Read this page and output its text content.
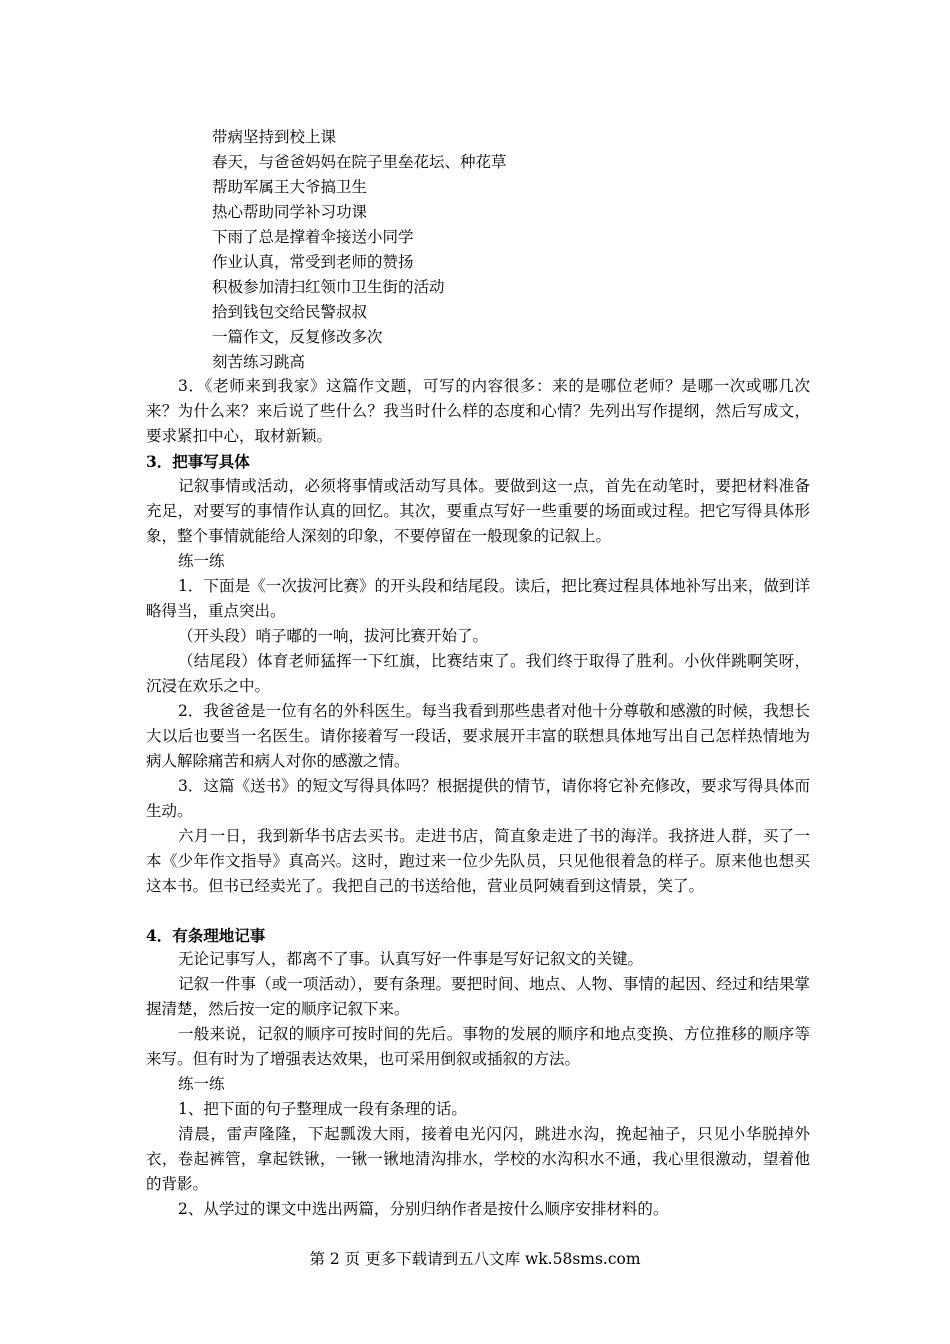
带病坚持到校上课
春天，与爸爸妈妈在院子里垒花坛、种花草
帮助军属王大爷搞卫生
热心帮助同学补习功课
下雨了总是撑着伞接送小同学
作业认真，常受到老师的赞扬
积极参加清扫红领巾卫生街的活动
拾到钱包交给民警叔叔
一篇作文，反复修改多次
刻苦练习跳高
3．《老师来到我家》这篇作文题，可写的内容很多：来的是哪位老师？是哪一次或哪几次来？为什么来？来后说了些什么？我当时什么样的态度和心情？先列出写作提纲，然后写成文，要求紧扣中心，取材新颖。
3．把事写具体
记叙事情或活动，必须将事情或活动写具体。要做到这一点，首先在动笔时，要把材料准备充足，对要写的事情作认真的回忆。其次，要重点写好一些重要的场面或过程。把它写得具体形象，整个事情就能给人深刻的印象，不要停留在一般现象的记叙上。
练一练
1．下面是《一次拔河比赛》的开头段和结尾段。读后，把比赛过程具体地补写出来，做到详略得当，重点突出。
（开头段）哨子嘟的一响，拔河比赛开始了。
（结尾段）体育老师猛挥一下红旗，比赛结束了。我们终于取得了胜利。小伙伴跳啊笑呀，沉浸在欢乐之中。
2．我爸爸是一位有名的外科医生。每当我看到那些患者对他十分尊敬和感激的时候，我想长大以后也要当一名医生。请你接着写一段话，要求展开丰富的联想具体地写出自己怎样热情地为病人解除痛苦和病人对你的感激之情。
3．这篇《送书》的短文写得具体吗？根据提供的情节，请你将它补充修改，要求写得具体而生动。
六月一日，我到新华书店去买书。走进书店，简直象走进了书的海洋。我挤进人群，买了一本《少年作文指导》真高兴。这时，跑过来一位少先队员，只见他很着急的样子。原来他也想买这本书。但书已经卖光了。我把自己的书送给他，营业员阿姨看到这情景，笑了。
4．有条理地记事
无论记事写人，都离不了事。认真写好一件事是写好记叙文的关键。
记叙一件事（或一项活动），要有条理。要把时间、地点、人物、事情的起因、经过和结果掌握清楚，然后按一定的顺序记叙下来。
一般来说，记叙的顺序可按时间的先后。事物的发展的顺序和地点变换、方位推移的顺序等来写。但有时为了增强表达效果，也可采用倒叙或插叙的方法。
练一练
1、把下面的句子整理成一段有条理的话。
清晨，雷声隆隆，下起瓢泼大雨，接着电光闪闪，跳进水沟，挽起袖子，只见小华脱掉外衣，卷起裤管，拿起铁锹，一锹一锹地清沟排水，学校的水沟积水不通，我心里很激动，望着他的背影。
2、从学过的课文中选出两篇，分别归纳作者是按什么顺序安排材料的。
第 2 页 更多下载请到五八文库 wk.58sms.com
